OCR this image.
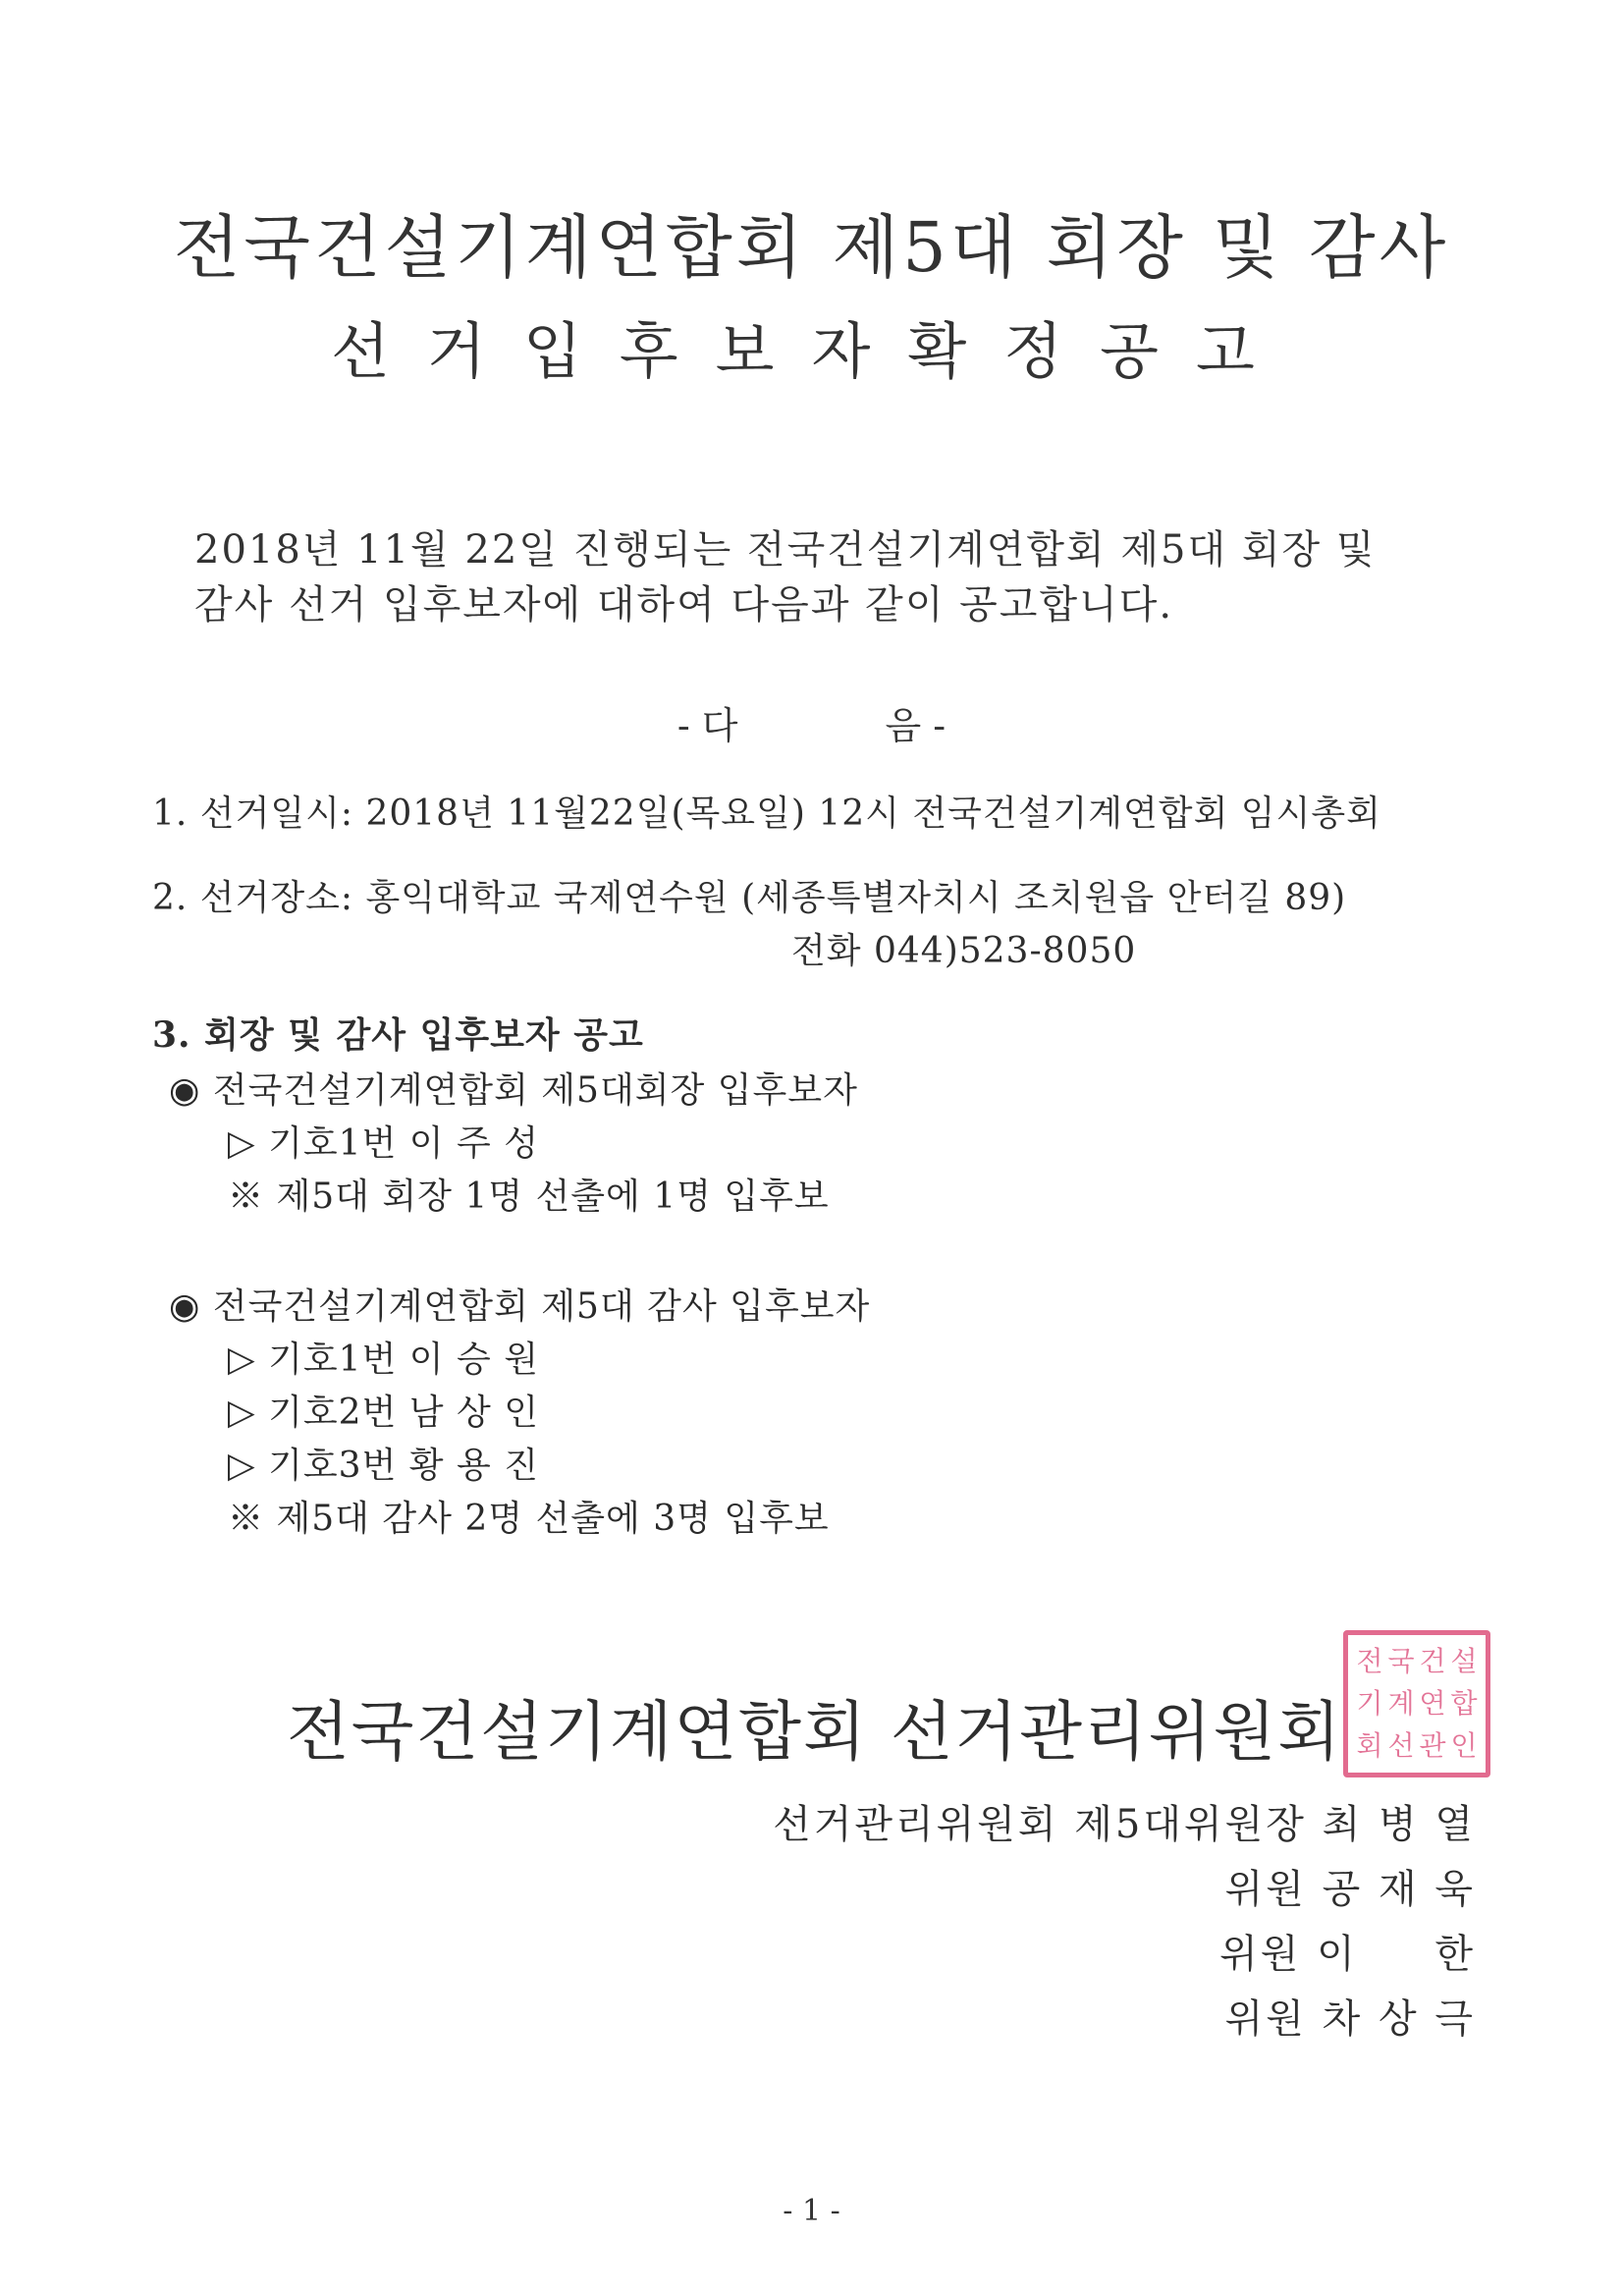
전국건설기계연합회 제5대 회장 및 감사
선거입후보자확정공고
2018년 11월 22일 진행되는 전국건설기계연합회 제5대 회장 및
감사 선거 입후보자에 대하여 다음과 같이 공고합니다.
- 다	음 -
1. 선거일시: 2018년 11월22일(목요일) 12시 전국건설기계연합회 임시총회
2. 선거장소: 홍익대학교 국제연수원 (세종특별자치시 조치원읍 안터길 89)
전화 044)523-8050
3. 회장 및 감사 입후보자 공고
◉ 전국건설기계연합회 제5대회장 입후보자
▷ 기호1번 이 주 성
※ 제5대 회장 1명 선출에 1명 입후보
◉ 전국건설기계연합회 제5대 감사 입후보자
▷ 기호1번 이 승 원
▷ 기호2번 남 상 인
▷ 기호3번 황 용 진
※ 제5대 감사 2명 선출에 3명 입후보
전국건설기계연합회 선거관리위원회
전 국 건 설
기 계 연 합
회 선 관 인
선거관리위원회 제5대위원장 최 병 열
위원 공 재 욱
위원 이     한
위원 차 상 극
- 1 -
